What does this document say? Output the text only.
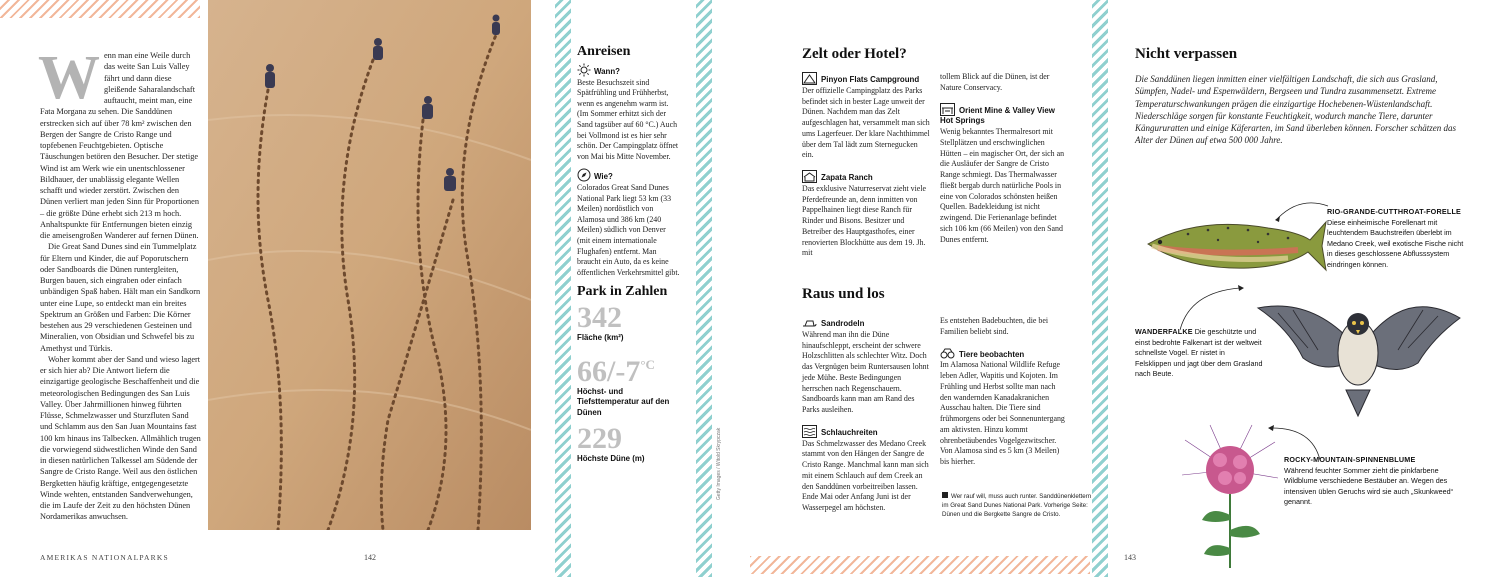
Wenn man eine Weile durch das weite San Luis Valley fährt und dann diese gleißende Saharalandschaft auftaucht, meint man, eine Fata Morgana zu sehen. Die Sanddünen erstrecken sich auf über 78 km² zwischen den Bergen der Sangre de Cristo Range und topfebenen Feuchtgebieten. Optische Täuschungen betören den Besucher. Der stetige Wind ist am Werk wie ein unentschlossener Bildhauer, der unablässig elegante Wellen schafft und wieder zerstört. Zwischen den Dünen verliert man jeden Sinn für Proportionen – die größte Düne erhebt sich 213 m hoch. Anhaltspunkte für Entfernungen bieten einzig die ameisengroßen Wanderer auf fernen Dünen.

Die Great Sand Dunes sind ein Tummelplatz für Eltern und Kinder, die auf Poporutschern oder Sandboards die Dünen runtergleiten, Burgen bauen, sich eingraben oder einfach unbändigen Spaß haben. Hält man ein Sandkorn unter eine Lupe, so entdeckt man ein breites Spektrum an Größen und Farben: Die Körner bestehen aus 29 verschiedenen Gesteinen und Mineralien, von Obsidian und Schwefel bis zu Amethyst und Türkis.

Woher kommt aber der Sand und wieso lagert er sich hier ab? Die Antwort liefern die einzigartige geologische Beschaffenheit und die meteorologischen Bedingungen des San Luis Valley. Über Jahrmillionen hinweg führten Flüsse, Schmelzwasser und Sturzfluten Sand und Schlamm aus den San Juan Mountains fast 100 km hinaus ins Talbecken. Allmählich trugen die vorwiegend südwestlichen Winde den Sand in diesen natürlichen Talkessel am Südende der Sangre de Cristo Range. Weil aus den östlichen Bergketten häufig kräftige, entgegengesetzte Winde wehten, entstanden Sandverwehungen, die im Laufe der Zeit zu den höchsten Dünen Nordamerikas anwuchsen.

Getty Images / Witold Skrypczak
Anreisen
Wann?
Beste Besuchszeit sind Spätfrühling und Frühherbst, wenn es angenehm warm ist. (Im Sommer erhitzt sich der Sand tagsüber auf 60 °C.) Auch bei Vollmond ist es hier sehr schön. Der Campingplatz öffnet von Mai bis Mitte November.
Wie?
Colorados Great Sand Dunes National Park liegt 53 km (33 Meilen) nordöstlich von Alamosa und 386 km (240 Meilen) südlich von Denver (mit einem internationale Flughafen) entfernt. Man braucht ein Auto, da es keine öffentlichen Verkehrsmittel gibt.
Park in Zahlen
342
Fläche (km²)
$66/-7^{^\circ C}$
Höchst- und Tiefsttemperatur auf den Dünen
229
Höchste Düne (m)
AMERIKAS NATIONALPARKS	142
Zelt oder Hotel?
Pinyon Flats Campground
Der offizielle Campingplatz des Parks befindet sich in bester Lage unweit der Dünen. Nachdem man das Zelt aufgeschlagen hat, versammelt man sich ums Lagerfeuer. Der klare Nachthimmel über dem Tal lädt zum Sternegucken ein.
Zapata Ranch
Das exklusive Naturreservat zieht viele Pferdefreunde an, denn inmitten von Pappelhainen liegt diese Ranch für Rinder und Bisons. Besitzer und Betreiber des Hauptgasthofes, einer renovierten Blockhütte aus dem 19. Jh. mit
tollem Blick auf die Dünen, ist der Nature Conservacy.
Orient Mine & Valley View Hot Springs
Wenig bekanntes Thermalresort mit Stellplätzen und erschwinglichen Hütten – ein magischer Ort, der sich an die Ausläufer der Sangre de Cristo Range schmiegt. Das Thermalwasser fließt bergab durch natürliche Pools in eine von Colorados schönsten heißen Quellen. Badekleidung ist nicht zwingend. Die Ferienanlage befindet sich 106 km (66 Meilen) von den Sand Dunes entfernt.
Raus und los
Sandrodeln
Während man ihn die Düne hinaufschleppt, erscheint der schwere Holzschlitten als schlechter Witz. Doch das Vergnügen beim Runtersausen lohnt jede Mühe. Beste Bedingungen herrschen nach Regenschauern. Sandboards kann man am Rand des Parks ausleihen.
Schlauchreiten
Das Schmelzwasser des Medano Creek stammt von den Hängen der Sangre de Cristo Range. Manchmal kann man sich mit einem Schlauch auf dem Creek an den Sanddünen vorbeitreiben lassen. Ende Mai oder Anfang Juni ist der Wasserpegel am höchsten.
Es entstehen Badebuchten, die bei Familien beliebt sind.
Tiere beobachten
Im Alamosa National Wildlife Refuge leben Adler, Wapitis und Kojoten. Im Frühling und Herbst sollte man nach den wandernden Kanadakranichen Ausschau halten. Die Tiere sind frühmorgens oder bei Sonnenuntergang am aktivsten. Hinzu kommt ohrenbetäubendes Vogelgezwitscher. Von Alamosa sind es 5 km (3 Meilen) bis hierher.
Wer rauf will, muss auch runter. Sanddünenklettern im Great Sand Dunes National Park. Vorherige Seite: Dünen und die Bergkette Sangre de Cristo.
Nicht verpassen
Die Sanddünen liegen inmitten einer vielfältigen Landschaft, die sich aus Grasland, Sümpfen, Nadel- und Espenwäldern, Bergseen und Tundra zusammensetzt. Extreme Temperaturschwankungen prägen die einzigartige Hochebenen-Wüstenlandschaft. Niederschläge sorgen für konstante Feuchtigkeit, wodurch manche Tiere, darunter Kängururatten und einige Käferarten, im Sand überleben können. Forscher schätzen das Alter der Dünen auf etwa 500 000 Jahre.
RIO-GRANDE-CUTTHROAT-FORELLE Diese einheimische Forellenart mit leuchtendem Bauchstreifen überlebt im Medano Creek, weil exotische Fische nicht in dieses geschlossene Abflusssystem eindringen können.
WANDERFALKE Die geschützte und einst bedrohte Falkenart ist der weltweit schnellste Vogel. Er nistet in Felsklippen und jagt über dem Grasland nach Beute.
ROCKY-MOUNTAIN-SPINNENBLUME
Während feuchter Sommer zieht die pinkfarbene Wildblume verschiedene Bestäuber an. Wegen des intensiven üblen Geruchs wird sie auch „Skunkweed“ genannt.
143
